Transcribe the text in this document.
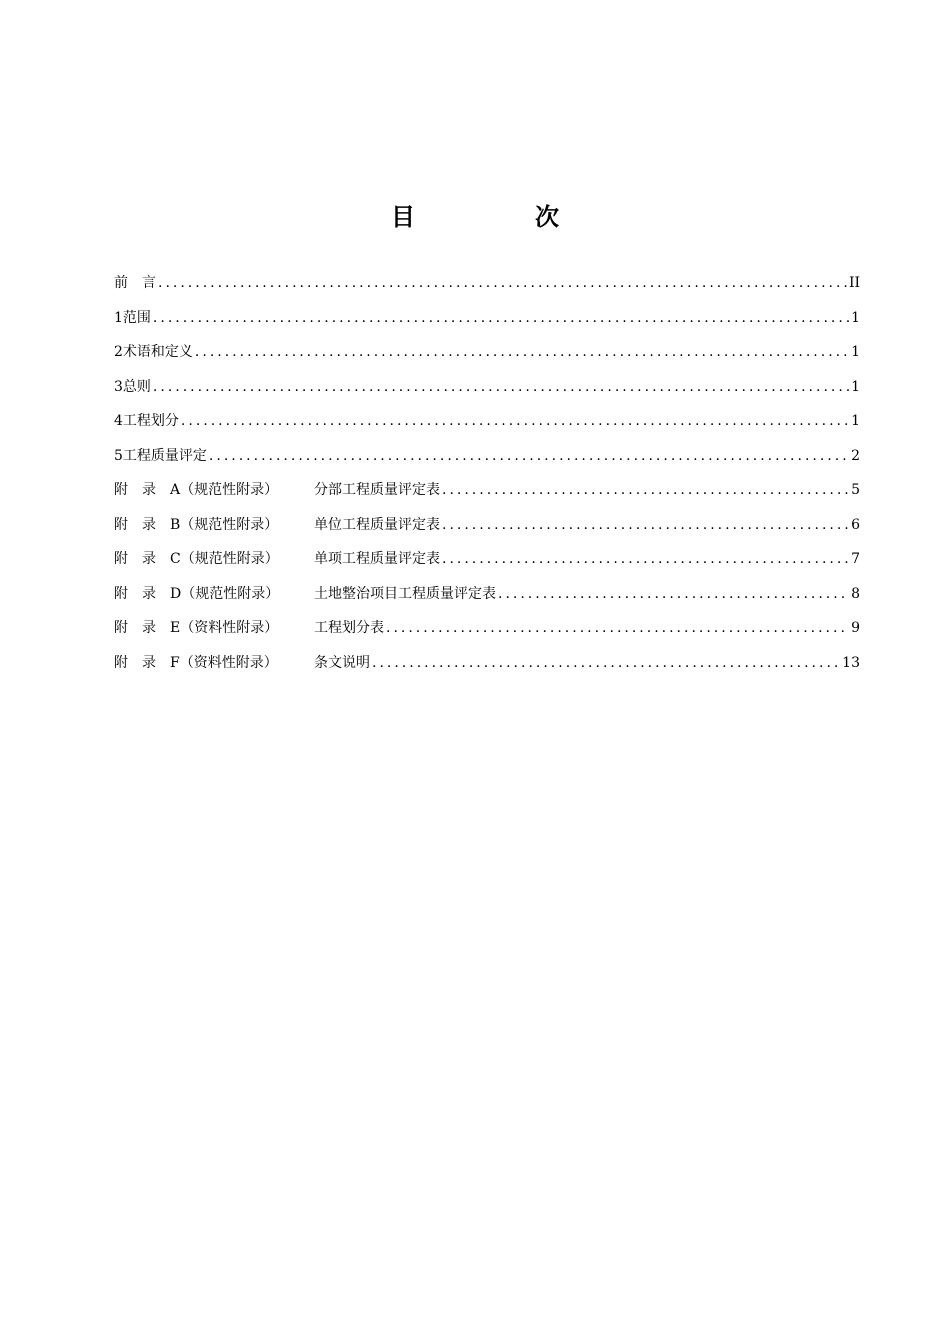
目　次
前　言 .....	II
1范围 .....	1
2术语和定义 .....	1
3总则 .....	1
4工程划分 .....	1
5工程质量评定 .....	2
附　录　A（规范性附录）	分部工程质量评定表 .....	5
附　录　B（规范性附录）	单位工程质量评定表 .....	6
附　录　C（规范性附录）	单项工程质量评定表 .....	7
附　录　D（规范性附录） 土地整治项目工程质量评定表 .....	8
附　录　E（资料性附录）	工程划分表 .....	9
附　录　F（资料性附录）	条文说明 .....	13
